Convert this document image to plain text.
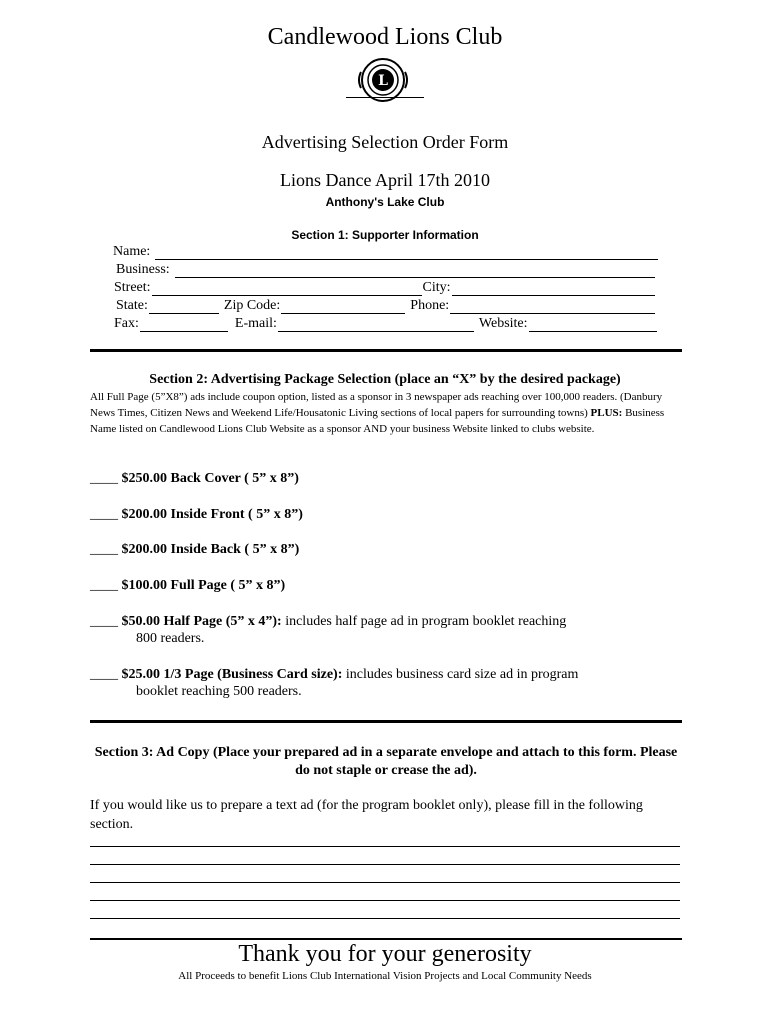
Candlewood Lions Club
L
Advertising Selection Order Form
Lions Dance April 17th 2010
Anthony's Lake Club
Section 1: Supporter Information
Name:
Business:
Street:	City:
State:	Zip Code:	Phone:
Fax:	E-mail:	Website:
Section 2: Advertising Package Selection (place an “X” by the desired package)
All Full Page (5”X8”) ads include coupon option, listed as a sponsor in 3 newspaper ads reaching over 100,000 readers. (Danbury News Times, Citizen News and Weekend Life/Housatonic Living sections of local papers for surrounding towns) PLUS: Business Name listed on Candlewood Lions Club Website as a sponsor AND your business Website linked to clubs website.
____ $250.00 Back Cover ( 5” x 8”)
____ $200.00 Inside Front ( 5” x 8”)
____ $200.00 Inside Back ( 5” x 8”)
____ $100.00 Full Page ( 5” x 8”)
____ $50.00 Half Page (5” x 4”): includes half page ad in program booklet reaching
800 readers.
____ $25.00 1/3 Page (Business Card size): includes business card size ad in program
booklet reaching 500 readers.
Section 3: Ad Copy (Place your prepared ad in a separate envelope and attach to this form. Please do not staple or crease the ad).
If you would like us to prepare a text ad (for the program booklet only), please fill in the following section.
Thank you for your generosity
All Proceeds to benefit Lions Club International Vision Projects and Local Community Needs
